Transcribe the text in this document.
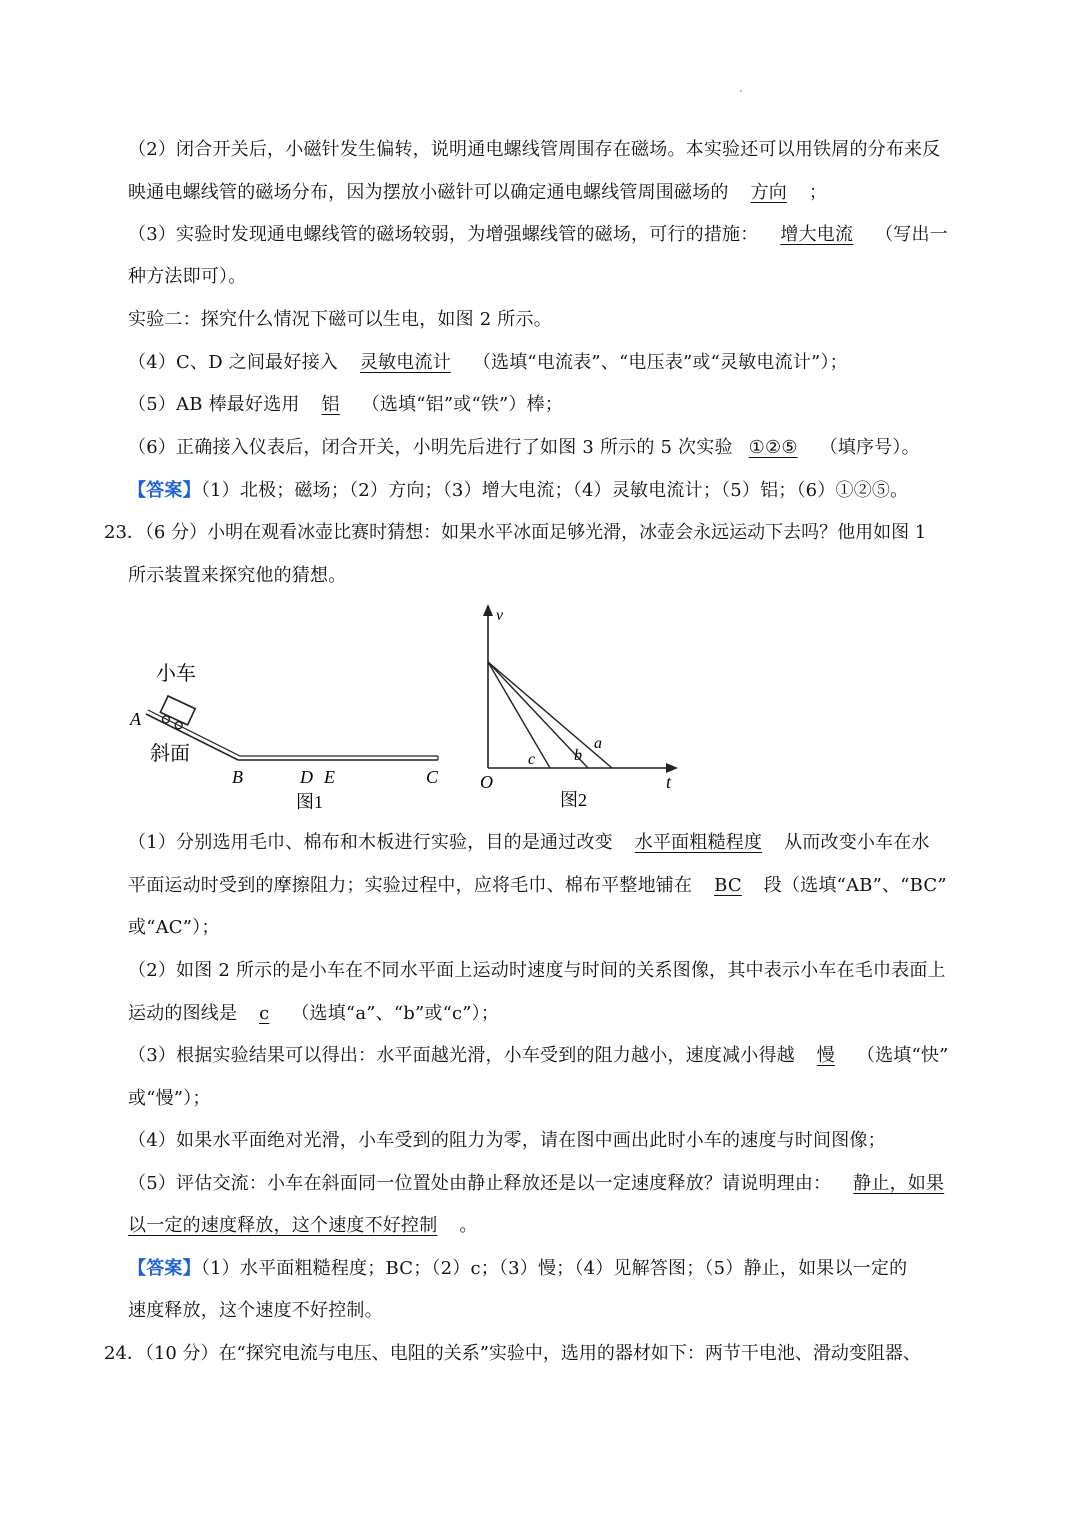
（2）闭合开关后，小磁针发生偏转，说明通电螺线管周围存在磁场。本实验还可以用铁屑的分布来反
映通电螺线管的磁场分布，因为摆放小磁针可以确定通电螺线管周围磁场的 方向 ；
（3）实验时发现通电螺线管的磁场较弱，为增强螺线管的磁场，可行的措施： 增大电流 （写出一
种方法即可）。
实验二：探究什么情况下磁可以生电，如图 2 所示。
（4）C、D 之间最好接入 灵敏电流计 （选填“电流表”、“电压表”或“灵敏电流计”）；
（5）AB 棒最好选用 铝 （选填“铝”或“铁”）棒；
（6）正确接入仪表后，闭合开关，小明先后进行了如图 3 所示的 5 次实验 ①②⑤ （填序号）。
【答案】（1）北极；磁场；（2）方向；（3）增大电流；（4）灵敏电流计；（5）铝；（6）①②⑤。
23．（6 分）小明在观看冰壶比赛时猜想：如果水平冰面足够光滑，冰壶会永远运动下去吗？他用如图 1
所示装置来探究他的猜想。
小车
A
斜面
B	D E	C
图1
v
t
O
c b
a
图2
（1）分别选用毛巾、棉布和木板进行实验，目的是通过改变 水平面粗糙程度 从而改变小车在水
平面运动时受到的摩擦阻力；实验过程中，应将毛巾、棉布平整地铺在 BC 段（选填“AB”、“BC”
或“AC”）；
（2）如图 2 所示的是小车在不同水平面上运动时速度与时间的关系图像，其中表示小车在毛巾表面上
运动的图线是 c （选填“a”、“b”或“c”）；
（3）根据实验结果可以得出：水平面越光滑，小车受到的阻力越小，速度减小得越 慢 （选填“快”
或“慢”）；
（4）如果水平面绝对光滑，小车受到的阻力为零，请在图中画出此时小车的速度与时间图像；
（5）评估交流：小车在斜面同一位置处由静止释放还是以一定速度释放？请说明理由： 静止，如果
以一定的速度释放，这个速度不好控制 。
【答案】（1）水平面粗糙程度；BC；（2）c；（3）慢；（4）见解答图；（5）静止，如果以一定的
速度释放，这个速度不好控制。
24．（10 分）在“探究电流与电压、电阻的关系”实验中，选用的器材如下：两节干电池、滑动变阻器、
